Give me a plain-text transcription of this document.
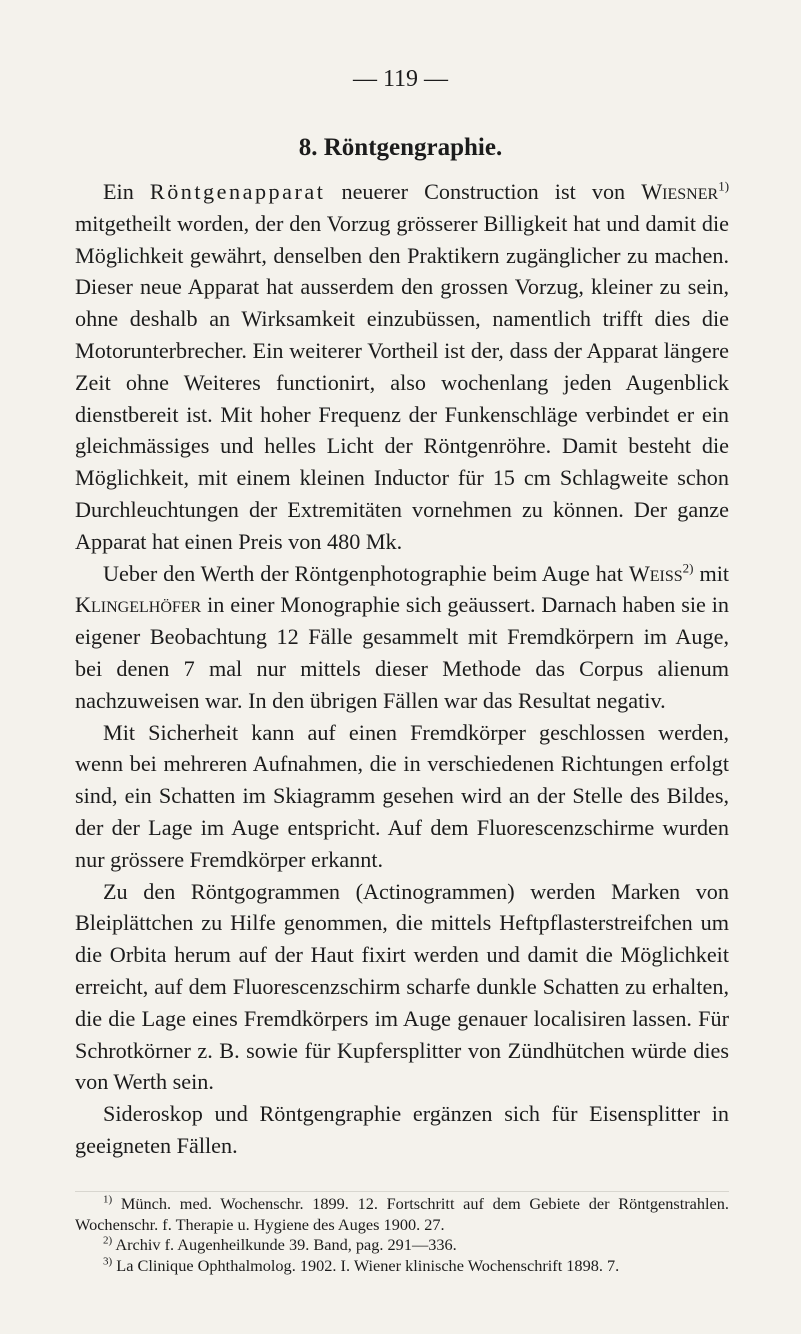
— 119 —
8. Röntgengraphie.

Ein Röntgenapparat neuerer Construction ist von Wiesner$^{1)}$ mitgetheilt worden, der den Vorzug grösserer Billigkeit hat und damit die Möglichkeit gewährt, denselben den Praktikern zugänglicher zu machen. Dieser neue Apparat hat ausserdem den grossen Vorzug, kleiner zu sein, ohne deshalb an Wirksamkeit einzubüssen, namentlich trifft dies die Motorunterbrecher. Ein weiterer Vortheil ist der, dass der Apparat längere Zeit ohne Weiteres functionirt, also wochenlang jeden Augenblick dienstbereit ist. Mit hoher Frequenz der Funkenschläge verbindet er ein gleichmässiges und helles Licht der Röntgenröhre. Damit besteht die Möglichkeit, mit einem kleinen Inductor für 15 cm Schlagweite schon Durchleuchtungen der Extremitäten vornehmen zu können. Der ganze Apparat hat einen Preis von 480 Mk.

Ueber den Werth der Röntgenphotographie beim Auge hat Weiss$^{2)}$ mit Klingelhöfer in einer Monographie sich geäussert. Darnach haben sie in eigener Beobachtung 12 Fälle gesammelt mit Fremdkörpern im Auge, bei denen 7 mal nur mittels dieser Methode das Corpus alienum nachzuweisen war. In den übrigen Fällen war das Resultat negativ.

Mit Sicherheit kann auf einen Fremdkörper geschlossen werden, wenn bei mehreren Aufnahmen, die in verschiedenen Richtungen erfolgt sind, ein Schatten im Skiagramm gesehen wird an der Stelle des Bildes, der der Lage im Auge entspricht. Auf dem Fluorescenzschirme wurden nur grössere Fremdkörper erkannt.

Zu den Röntgogrammen (Actinogrammen) werden Marken von Bleiplättchen zu Hilfe genommen, die mittels Heftpflasterstreifchen um die Orbita herum auf der Haut fixirt werden und damit die Möglichkeit erreicht, auf dem Fluorescenzschirm scharfe dunkle Schatten zu erhalten, die die Lage eines Fremdkörpers im Auge genauer localisiren lassen. Für Schrotkörner z. B. sowie für Kupfersplitter von Zündhütchen würde dies von Werth sein.

Sideroskop und Röntgengraphie ergänzen sich für Eisensplitter in geeigneten Fällen.

$^{1)}$ Münch. med. Wochenschr. 1899. 12. Fortschritt auf dem Gebiete der Röntgenstrahlen. Wochenschr. f. Therapie u. Hygiene des Auges 1900. 27.

$^{2)}$ Archiv f. Augenheilkunde 39. Band, pag. 291—336.

$^{3)}$ La Clinique Ophthalmolog. 1902. I. Wiener klinische Wochenschrift 1898. 7.
